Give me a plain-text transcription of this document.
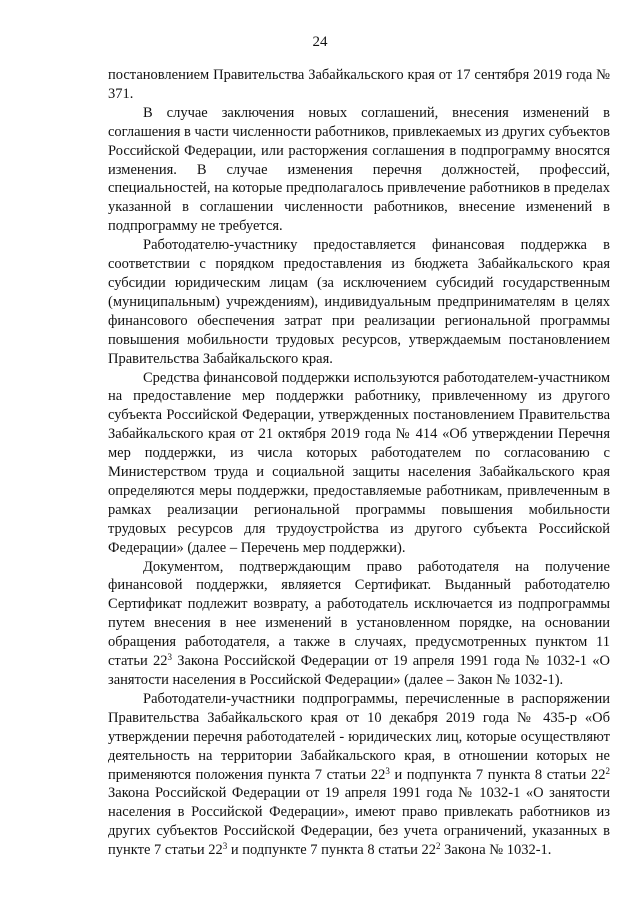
24

постановлением Правительства Забайкальского края от 17 сентября 2019 года № 371.

В случае заключения новых соглашений, внесения изменений в соглашения в части численности работников, привлекаемых из других субъектов Российской Федерации, или расторжения соглашения в подпрограмму вносятся изменения. В случае изменения перечня должностей, профессий, специальностей, на которые предполагалось привлечение работников в пределах указанной в соглашении численности работников, внесение изменений в подпрограмму не требуется.

Работодателю-участнику предоставляется финансовая поддержка в соответствии с порядком предоставления из бюджета Забайкальского края субсидии юридическим лицам (за исключением субсидий государственным (муниципальным) учреждениям), индивидуальным предпринимателям в целях финансового обеспечения затрат при реализации региональной программы повышения мобильности трудовых ресурсов, утверждаемым постановлением Правительства Забайкальского края.

Средства финансовой поддержки используются работодателем-участником на предоставление мер поддержки работнику, привлеченному из другого субъекта Российской Федерации, утвержденных постановлением Правительства Забайкальского края от 21 октября 2019 года № 414 «Об утверждении Перечня мер поддержки, из числа которых работодателем по согласованию с Министерством труда и социальной защиты населения Забайкальского края определяются меры поддержки, предоставляемые работникам, привлеченным в рамках реализации региональной программы повышения мобильности трудовых ресурсов для трудоустройства из другого субъекта Российской Федерации» (далее – Перечень мер поддержки).

Документом, подтверждающим право работодателя на получение финансовой поддержки, являяется Сертификат. Выданный работодателю Сертификат подлежит возврату, а работодатель исключается из подпрограммы путем внесения в нее изменений в установленном порядке, на основании обращения работодателя, а также в случаях, предусмотренных пунктом 11 статьи $22^3$ Закона Российской Федерации от 19 апреля 1991 года № 1032-1 «О занятости населения в Российской Федерации» (далее – Закон № 1032-1).

Работодатели-участники подпрограммы, перечисленные в распоряжении Правительства Забайкальского края от 10 декабря 2019 года № 435-р «Об утверждении перечня работодателей - юридических лиц, которые осуществляют деятельность на территории Забайкальского края, в отношении которых не применяются положения пункта 7 статьи $22^3$ и подпункта 7 пункта 8 статьи $22^2$ Закона Российской Федерации от 19 апреля 1991 года № 1032-1 «О занятости населения в Российской Федерации», имеют право привлекать работников из других субъектов Российской Федерации, без учета ограничений, указанных в пункте 7 статьи $22^3$ и подпункте 7 пункта 8 статьи $22^2$ Закона № 1032-1.
